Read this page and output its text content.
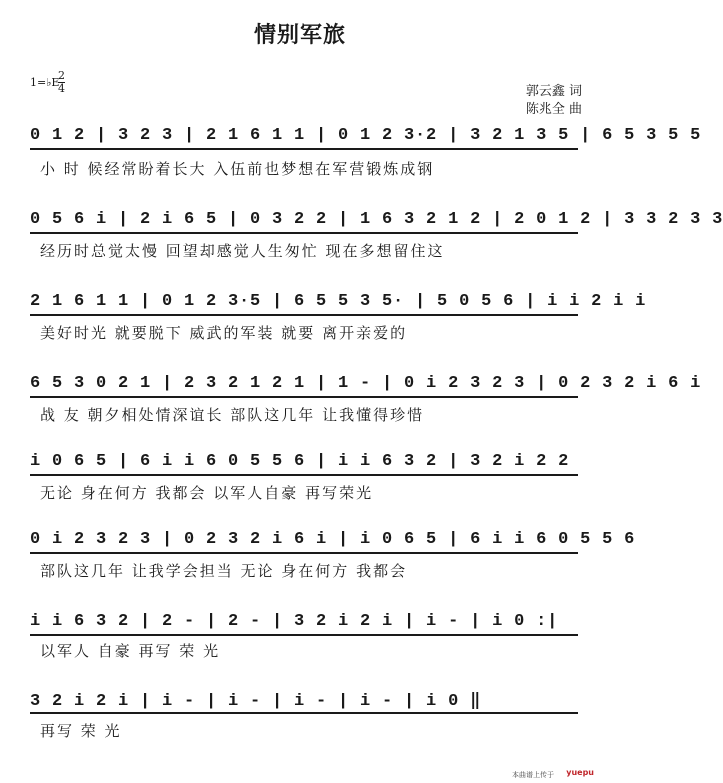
情别军旅
1=♭E
$\frac{2}{4}$	郭云鑫 词
陈兆全 曲
0 1 2 | 3 2 3 | 2 1 6 1 1 | 0 1 2 3·2 | 3 2 1 3 5 | 6 5 3 5 5
小 时 候经常盼着长大 入伍前也梦想在军营锻炼成钢
0 5 6 i | 2 i 6 5 | 0 3 2 2 | 1 6 3 2 1 2 | 2 0 1 2 | 3 3 2 3 3
经历时总觉太慢 回望却感觉人生匆忙 现在多想留住这
2 1 6 1 1 | 0 1 2 3·5 | 6 5 5 3 5· | 5 0 5 6 | i i 2 i i
美好时光 就要脱下 威武的军装 就要 离开亲爱的
6 5 3 0 2 1 | 2 3 2 1 2 1 | 1 - | 0 i 2 3 2 3 | 0 2 3 2 i 6 i
战 友 朝夕相处情深谊长 部队这几年 让我懂得珍惜
i 0 6 5 | 6 i i 6 0 5 5 6 | i i 6 3 2 | 3 2 i 2 2
无论 身在何方 我都会 以军人自豪 再写荣光
0 i 2 3 2 3 | 0 2 3 2 i 6 i | i 0 6 5 | 6 i i 6 0 5 5 6
部队这几年 让我学会担当 无论 身在何方 我都会
i i 6 3 2 | 2 - | 2 - | 3 2 i 2 i | i - | i 0 :|
以军人 自豪 再写 荣 光
3 2 i 2 i | i - | i - | i - | i - | i 0 ‖
再写 荣 光
本曲谱上传于 yuepu
